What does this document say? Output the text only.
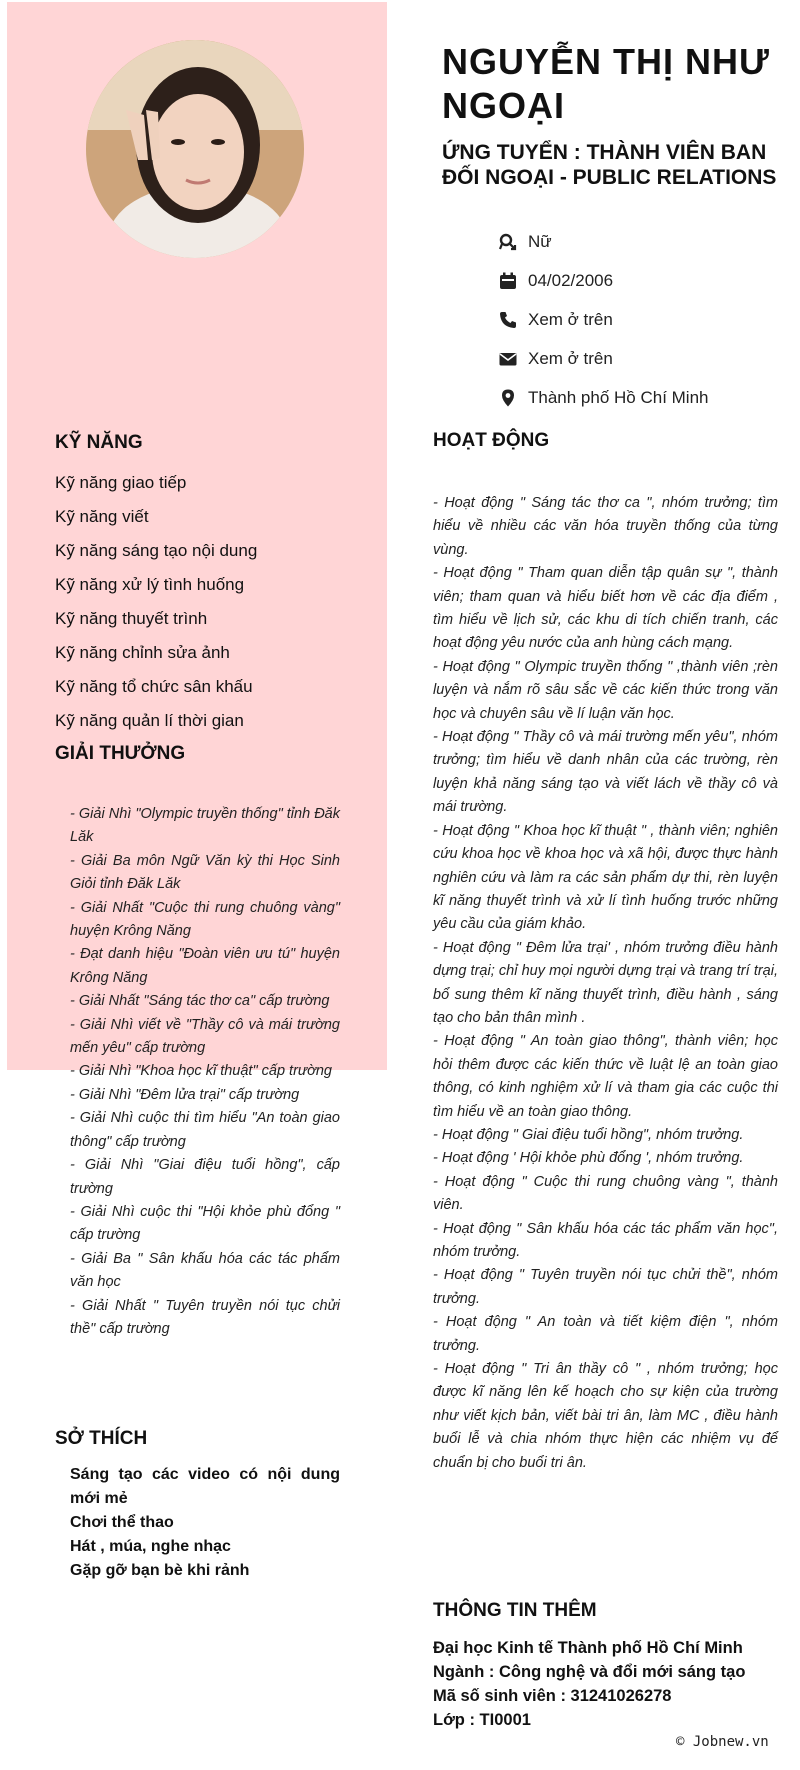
NGUYỄN THỊ NHƯ NGOẠI
ỨNG TUYỂN : THÀNH VIÊN BAN ĐỐI NGOẠI - PUBLIC RELATIONS
Nữ
04/02/2006
Xem ở trên
Xem ở trên
Thành phố Hồ Chí Minh
KỸ NĂNG
Kỹ năng giao tiếp
Kỹ năng viết
Kỹ năng sáng tạo nội dung
Kỹ năng xử lý tình huống
Kỹ năng thuyết trình
Kỹ năng chỉnh sửa ảnh
Kỹ năng tổ chức sân khấu
Kỹ năng quản lí thời gian
GIẢI THƯỞNG
- Giải Nhì "Olympic truyền thống" tỉnh Đăk Lăk
- Giải Ba môn Ngữ Văn kỳ thi Học Sinh Giỏi tỉnh Đăk Lăk
- Giải Nhất "Cuộc thi rung chuông vàng" huyện Krông Năng
- Đạt danh hiệu "Đoàn viên ưu tú" huyện Krông Năng
- Giải Nhất "Sáng tác thơ ca" cấp trường
- Giải Nhì viết về "Thầy cô và mái trường mến yêu" cấp trường
- Giải Nhì "Khoa học kĩ thuật" cấp trường
- Giải Nhì "Đêm lửa trại" cấp trường
- Giải Nhì cuộc thi tìm hiểu "An toàn giao thông" cấp trường
- Giải Nhì "Giai điệu tuổi hồng", cấp trường
- Giải Nhì cuộc thi "Hội khỏe phù đổng " cấp trường
- Giải Ba " Sân khấu hóa các tác phẩm văn học
- Giải Nhất " Tuyên truyền nói tục chửi thề" cấp trường
SỞ THÍCH
Sáng tạo các video có nội dung mới mẻ
Chơi thể thao
Hát , múa, nghe nhạc
Gặp gỡ bạn bè khi rảnh
HOẠT ĐỘNG
- Hoạt động " Sáng tác thơ ca ", nhóm trưởng; tìm hiểu về nhiều các văn hóa truyền thống của từng vùng.
- Hoạt động " Tham quan diễn tập quân sự ", thành viên; tham quan và hiểu biết hơn về các địa điểm , tìm hiểu về lịch sử, các khu di tích chiến tranh, các hoạt động yêu nước của anh hùng cách mạng.
- Hoạt động " Olympic truyền thống " ,thành viên ;rèn luyện và nắm rõ sâu sắc về các kiến thức trong văn học và chuyên sâu về lí luận văn học.
- Hoạt động " Thầy cô và mái trường mến yêu", nhóm trưởng; tìm hiểu về danh nhân của các trường, rèn luyện khả năng sáng tạo và viết lách về thầy cô và mái trường.
- Hoạt động " Khoa học kĩ thuật " , thành viên; nghiên cứu khoa học về khoa học và xã hội, được thực hành nghiên cứu và làm ra các sản phẩm dự thi, rèn luyện kĩ năng thuyết trình và xử lí tình huống trước những yêu cầu của giám khảo.
- Hoạt động " Đêm lửa trại' , nhóm trưởng điều hành dựng trại; chỉ huy mọi người dựng trại và trang trí trại, bổ sung thêm kĩ năng thuyết trình, điều hành , sáng tạo cho bản thân mình .
- Hoạt động " An toàn giao thông", thành viên; học hỏi thêm được các kiến thức về luật lệ an toàn giao thông, có kinh nghiệm xử lí và tham gia các cuộc thi tìm hiểu về an toàn giao thông.
- Hoạt động " Giai điệu tuổi hồng", nhóm trưởng.
- Hoạt động ' Hội khỏe phù đổng ', nhóm trưởng.
- Hoạt động " Cuộc thi rung chuông vàng ", thành viên.
- Hoạt động " Sân khấu hóa các tác phẩm văn học", nhóm trưởng.
- Hoạt động " Tuyên truyền nói tục chửi thề", nhóm trưởng.
- Hoạt động " An toàn và tiết kiệm điện ", nhóm trưởng.
- Hoạt động " Tri ân thầy cô " , nhóm trưởng; học được kĩ năng lên kế hoạch cho sự kiện của trường như viết kịch bản, viết bài tri ân, làm MC , điều hành buổi lễ và chia nhóm thực hiện các nhiệm vụ để chuẩn bị cho buổi tri ân.
THÔNG TIN THÊM
Đại học Kinh tế Thành phố Hồ Chí Minh
Ngành : Công nghệ và đổi mới sáng tạo
Mã số sinh viên : 31241026278
Lớp : TI0001
© Jobnew.vn
